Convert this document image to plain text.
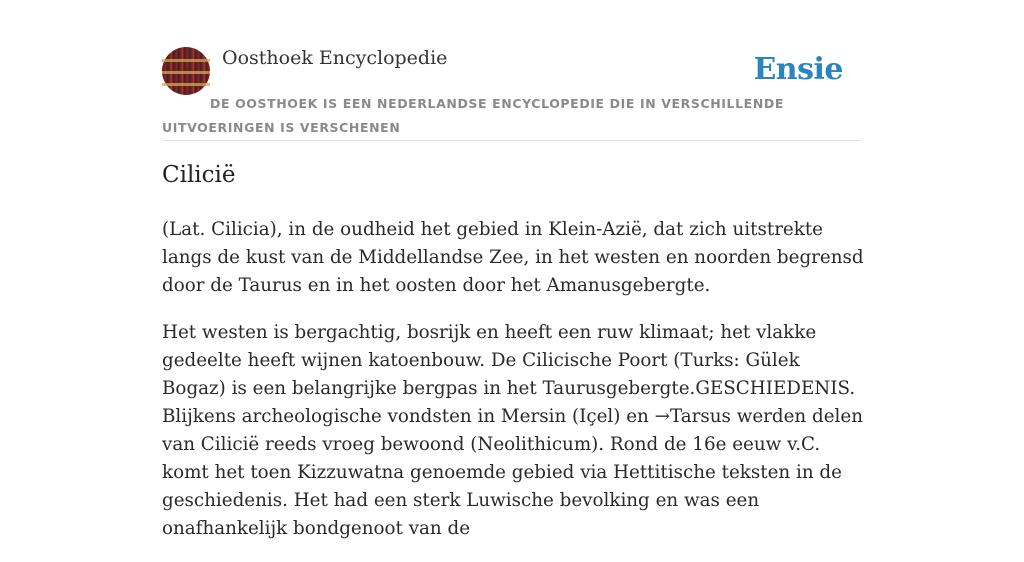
Oosthoek Encyclopedie	Ensie
DE OOSTHOEK IS EEN NEDERLANDSE ENCYCLOPEDIE DIE IN VERSCHILLENDE UITVOERINGEN IS VERSCHENEN
Cilicië

(Lat. Cilicia), in de oudheid het gebied in Klein-Azië, dat zich uitstrekte langs de kust van de Middellandse Zee, in het westen en noorden begrensd door de Taurus en in het oosten door het Amanusgebergte.

Het westen is bergachtig, bosrijk en heeft een ruw klimaat; het vlakke gedeelte heeft wijnen katoenbouw. De Cilicische Poort (Turks: Gülek Bogaz) is een belangrijke bergpas in het Taurusgebergte.GESCHIEDENIS. Blijkens archeologische vondsten in Mersin (Içel) en →Tarsus werden delen van Cilicië reeds vroeg bewoond (Neolithicum). Rond de 16e eeuw v.C. komt het toen Kizzuwatna genoemde gebied via Hettitische teksten in de geschiedenis. Het had een sterk Luwische bevolking en was een onafhankelijk bondgenoot van de
